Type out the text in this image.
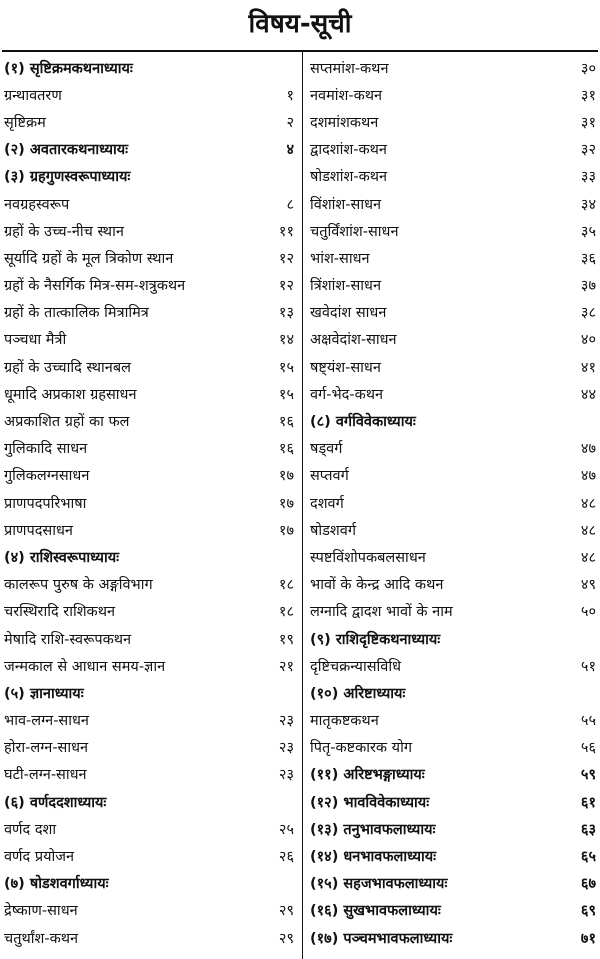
विषय-सूची
(१) सृष्टिक्रमकथनाध्यायः
ग्रन्थावतरण	१
सृष्टिक्रम	२
(२) अवतारकथनाध्यायः	४
(३) ग्रहगुणस्वरूपाध्यायः
नवग्रहस्वरूप	८
ग्रहों के उच्च-नीच स्थान	११
सूर्यादि ग्रहों के मूल त्रिकोण स्थान	१२
ग्रहों के नैसर्गिक मित्र-सम-शत्रुकथन	१२
ग्रहों के तात्कालिक मित्रामित्र	१३
पञ्चधा मैत्री	१४
ग्रहों के उच्चादि स्थानबल	१५
धूमादि अप्रकाश ग्रहसाधन	१५
अप्रकाशित ग्रहों का फल	१६
गुलिकादि साधन	१६
गुलिकलग्नसाधन	१७
प्राणपदपरिभाषा	१७
प्राणपदसाधन	१७
(४) राशिस्वरूपाध्यायः
कालरूप पुरुष के अङ्गविभाग	१८
चरस्थिरादि राशिकथन	१८
मेषादि राशि-स्वरूपकथन	१९
जन्मकाल से आधान समय-ज्ञान	२१
(५) ज्ञानाध्यायः
भाव-लग्न-साधन	२३
होरा-लग्न-साधन	२३
घटी-लग्न-साधन	२३
(६) वर्णददशाध्यायः
वर्णद दशा	२५
वर्णद प्रयोजन	२६
(७) षोडशवर्गाध्यायः
द्रेष्काण-साधन	२९
चतुर्थांश-कथन	२९
सप्तमांश-कथन	३०
नवमांश-कथन	३१
दशमांशकथन	३१
द्वादशांश-कथन	३२
षोडशांश-कथन	३३
विंशांश-साधन	३४
चतुर्विंशांश-साधन	३५
भांश-साधन	३६
त्रिंशांश-साधन	३७
खवेदांश साधन	३८
अक्षवेदांश-साधन	४०
षष्ट्यंश-साधन	४१
वर्ग-भेद-कथन	४४
(८) वर्गविवेकाध्यायः
षड्वर्ग	४७
सप्तवर्ग	४७
दशवर्ग	४८
षोडशवर्ग	४८
स्पष्टविंशोपकबलसाधन	४८
भावों के केन्द्र आदि कथन	४९
लग्नादि द्वादश भावों के नाम	५०
(९) राशिदृष्टिकथनाध्यायः
दृष्टिचक्रन्यासविधि	५१
(१०) अरिष्टाध्यायः
मातृकष्टकथन	५५
पितृ-कष्टकारक योग	५६
(११) अरिष्टभङ्गाध्यायः	५९
(१२) भावविवेकाध्यायः	६१
(१३) तनुभावफलाध्यायः	६३
(१४) धनभावफलाध्यायः	६५
(१५) सहजभावफलाध्यायः	६७
(१६) सुखभावफलाध्यायः	६९
(१७) पञ्चमभावफलाध्यायः	७१
